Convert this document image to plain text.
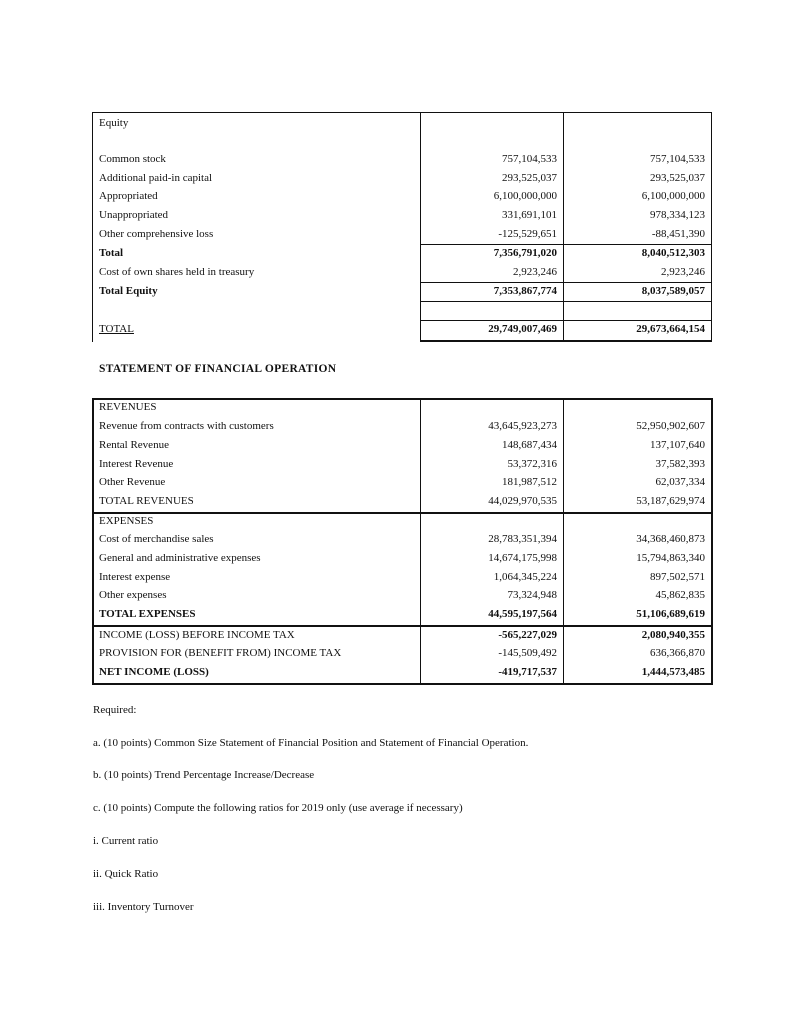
Equity
Common stock	757,104,533	757,104,533
Additional paid-in capital	293,525,037	293,525,037
Appropriated	6,100,000,000	6,100,000,000
Unappropriated	331,691,101	978,334,123
Other comprehensive loss	-125,529,651	-88,451,390
Total	7,356,791,020	8,040,512,303
Cost of own shares held in treasury	2,923,246	2,923,246
Total Equity	7,353,867,774	8,037,589,057
TOTAL	29,749,007,469	29,673,664,154
STATEMENT OF FINANCIAL OPERATION
REVENUES
Revenue from contracts with customers	43,645,923,273	52,950,902,607
Rental Revenue	148,687,434	137,107,640
Interest Revenue	53,372,316	37,582,393
Other Revenue	181,987,512	62,037,334
TOTAL REVENUES	44,029,970,535	53,187,629,974
EXPENSES
Cost of merchandise sales	28,783,351,394	34,368,460,873
General and administrative expenses	14,674,175,998	15,794,863,340
Interest expense	1,064,345,224	897,502,571
Other expenses	73,324,948	45,862,835
TOTAL EXPENSES	44,595,197,564	51,106,689,619
INCOME (LOSS) BEFORE INCOME TAX	-565,227,029	2,080,940,355
PROVISION FOR (BENEFIT FROM) INCOME TAX	-145,509,492	636,366,870
NET INCOME (LOSS)	-419,717,537	1,444,573,485
Required:
a. (10 points) Common Size Statement of Financial Position and Statement of Financial Operation.
b. (10 points) Trend Percentage Increase/Decrease
c. (10 points) Compute the following ratios for 2019 only (use average if necessary)
i. Current ratio
ii. Quick Ratio
iii. Inventory Turnover
